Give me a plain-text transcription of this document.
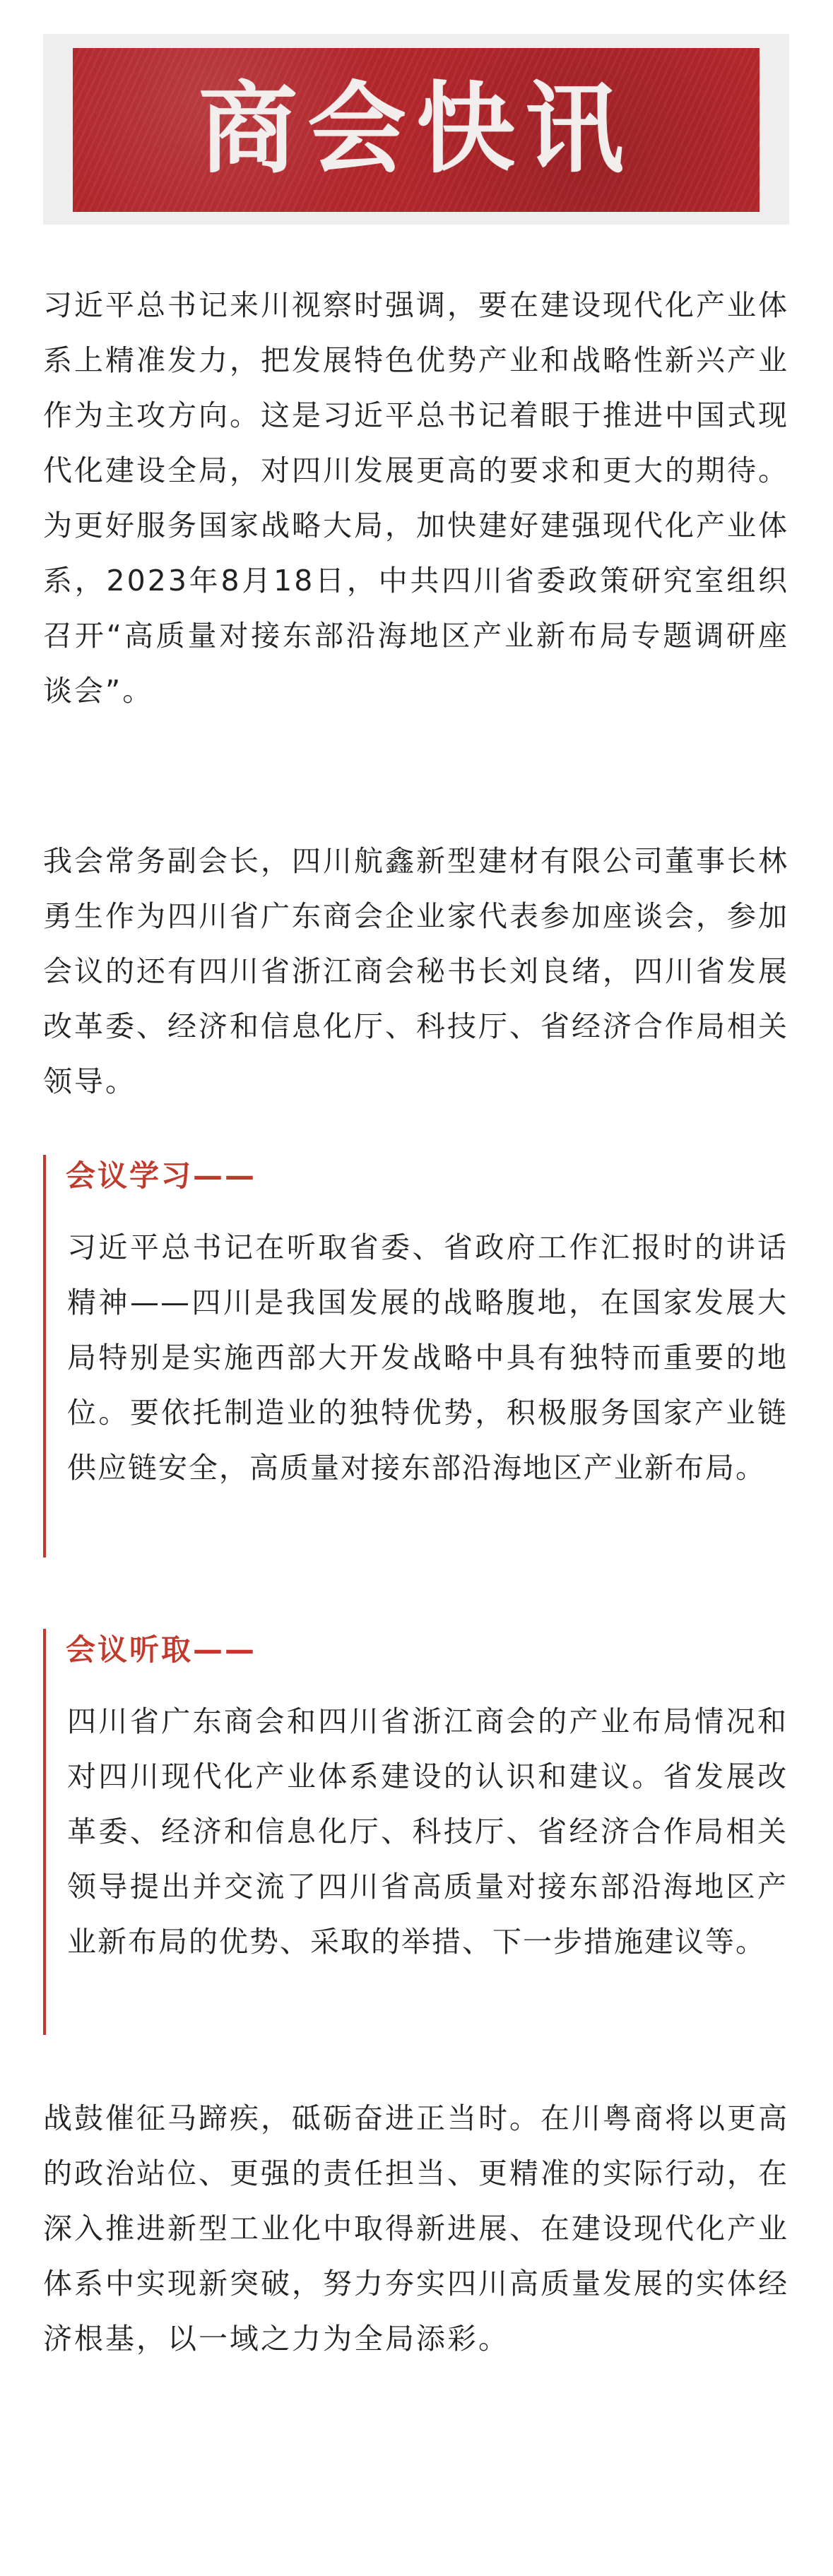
商会快讯

习近平总书记来川视察时强调，要在建设现代化产业体系上精准发力，把发展特色优势产业和战略性新兴产业作为主攻方向。这是习近平总书记着眼于推进中国式现代化建设全局，对四川发展更高的要求和更大的期待。为更好服务国家战略大局，加快建好建强现代化产业体系，2023年8月18日，中共四川省委政策研究室组织召开“高质量对接东部沿海地区产业新布局专题调研座谈会”。

我会常务副会长，四川航鑫新型建材有限公司董事长林勇生作为四川省广东商会企业家代表参加座谈会，参加会议的还有四川省浙江商会秘书长刘良绪，四川省发展改革委、经济和信息化厅、科技厅、省经济合作局相关领导。

会议学习——

习近平总书记在听取省委、省政府工作汇报时的讲话精神——四川是我国发展的战略腹地，在国家发展大局特别是实施西部大开发战略中具有独特而重要的地位。要依托制造业的独特优势，积极服务国家产业链供应链安全，高质量对接东部沿海地区产业新布局。

会议听取——

四川省广东商会和四川省浙江商会的产业布局情况和对四川现代化产业体系建设的认识和建议。省发展改革委、经济和信息化厅、科技厅、省经济合作局相关领导提出并交流了四川省高质量对接东部沿海地区产业新布局的优势、采取的举措、下一步措施建议等。

战鼓催征马蹄疾，砥砺奋进正当时。在川粤商将以更高的政治站位、更强的责任担当、更精准的实际行动，在深入推进新型工业化中取得新进展、在建设现代化产业体系中实现新突破，努力夯实四川高质量发展的实体经济根基，以一域之力为全局添彩。
